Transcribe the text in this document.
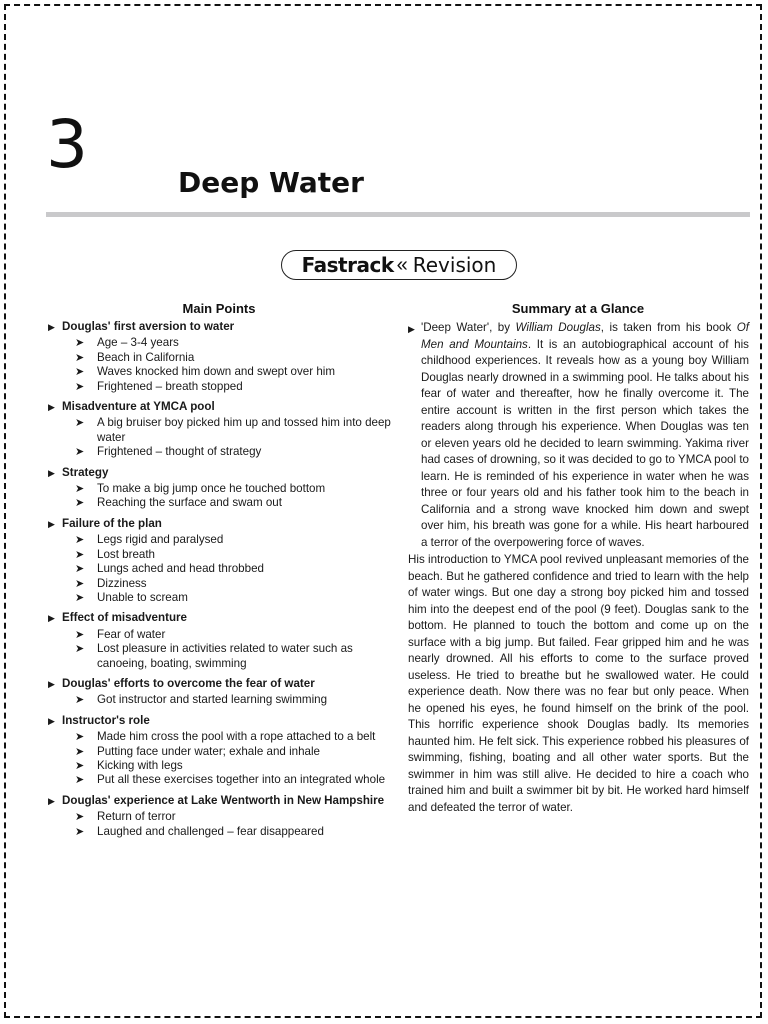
3	Deep Water
Fastrack « Revision
Main Points	Summary at a Glance
▶ Douglas' first aversion to water
➤ Age – 3-4 years
➤ Beach in California
➤ Waves knocked him down and swept over him
➤ Frightened – breath stopped
▶ Misadventure at YMCA pool
➤ A big bruiser boy picked him up and tossed him into deep water
➤ Frightened – thought of strategy
▶ Strategy
➤ To make a big jump once he touched bottom
➤ Reaching the surface and swam out
▶ Failure of the plan
➤ Legs rigid and paralysed
➤ Lost breath
➤ Lungs ached and head throbbed
➤ Dizziness
➤ Unable to scream
▶ Effect of misadventure
➤ Fear of water
➤ Lost pleasure in activities related to water such as canoeing, boating, swimming
▶ Douglas' efforts to overcome the fear of water
➤ Got instructor and started learning swimming
▶ Instructor's role
➤ Made him cross the pool with a rope attached to a belt
➤ Putting face under water; exhale and inhale
➤ Kicking with legs
➤ Put all these exercises together into an integrated whole
▶ Douglas' experience at Lake Wentworth in New Hampshire
➤ Return of terror
➤ Laughed and challenged – fear disappeared

▶ 'Deep Water', by William Douglas, is taken from his book Of Men and Mountains. It is an autobiographical account of his childhood experiences. It reveals how as a young boy William Douglas nearly drowned in a swimming pool. He talks about his fear of water and thereafter, how he finally overcome it. The entire account is written in the first person which takes the readers along through his experience. When Douglas was ten or eleven years old he decided to learn swimming. Yakima river had cases of drowning, so it was decided to go to YMCA pool to learn. He is reminded of his experience in water when he was three or four years old and his father took him to the beach in California and a strong wave knocked him down and swept over him, his breath was gone for a while. His heart harboured a terror of the overpowering force of waves.

His introduction to YMCA pool revived unpleasant memories of the beach. But he gathered confidence and tried to learn with the help of water wings. But one day a strong boy picked him and tossed him into the deepest end of the pool (9 feet). Douglas sank to the bottom. He planned to touch the bottom and come up on the surface with a big jump. But failed. Fear gripped him and he was nearly drowned. All his efforts to come to the surface proved useless. He tried to breathe but he swallowed water. He could experience death. Now there was no fear but only peace. When he opened his eyes, he found himself on the brink of the pool. This horrific experience shook Douglas badly. Its memories haunted him. He felt sick. This experience robbed his pleasures of swimming, fishing, boating and all other water sports. But the swimmer in him was still alive. He decided to hire a coach who trained him and built a swimmer bit by bit. He worked hard himself and defeated the terror of water.
